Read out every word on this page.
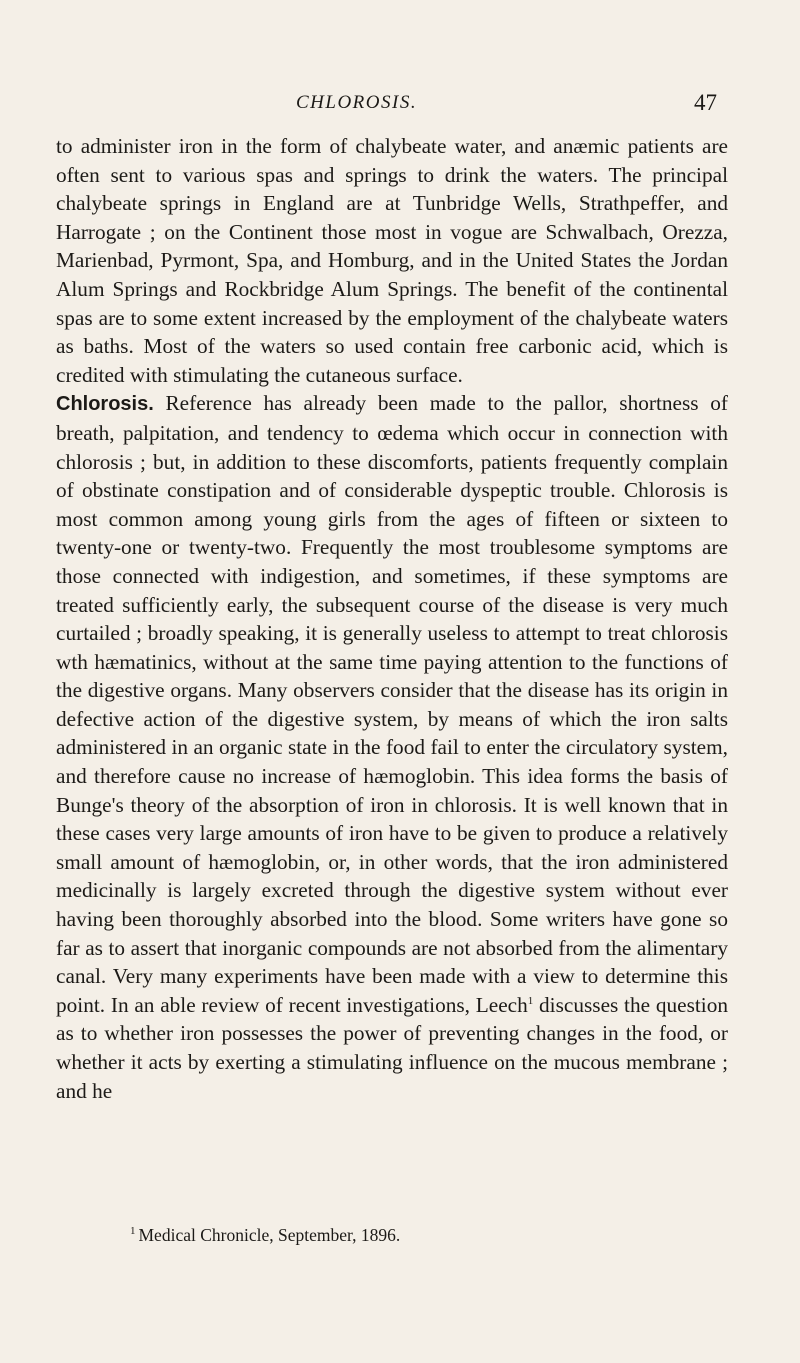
CHLOROSIS.	47

to administer iron in the form of chalybeate water, and anæmic patients are often sent to various spas and springs to drink the waters. The principal chalybeate springs in England are at Tunbridge Wells, Strathpeffer, and Harrogate ; on the Continent those most in vogue are Schwalbach, Orezza, Marienbad, Pyrmont, Spa, and Homburg, and in the United States the Jordan Alum Springs and Rockbridge Alum Springs. The benefit of the continental spas are to some extent increased by the employment of the chalybeate waters as baths. Most of the waters so used contain free carbonic acid, which is credited with stimulating the cutaneous surface.

Chlorosis. Reference has already been made to the pallor, shortness of breath, palpitation, and tendency to œdema which occur in connection with chlorosis ; but, in addition to these discomforts, patients frequently complain of obstinate constipation and of considerable dyspeptic trouble. Chlorosis is most common among young girls from the ages of fifteen or sixteen to twenty-one or twenty-two. Frequently the most troublesome symptoms are those connected with indigestion, and sometimes, if these symptoms are treated sufficiently early, the subsequent course of the disease is very much curtailed ; broadly speaking, it is generally useless to attempt to treat chlorosis wth hæmatinics, without at the same time paying attention to the functions of the digestive organs. Many observers consider that the disease has its origin in defective action of the digestive system, by means of which the iron salts administered in an organic state in the food fail to enter the circulatory system, and therefore cause no increase of hæmoglobin. This idea forms the basis of Bunge's theory of the absorption of iron in chlorosis. It is well known that in these cases very large amounts of iron have to be given to produce a relatively small amount of hæmoglobin, or, in other words, that the iron administered medicinally is largely excreted through the digestive system without ever having been thoroughly absorbed into the blood. Some writers have gone so far as to assert that inorganic compounds are not absorbed from the alimentary canal. Very many experiments have been made with a view to determine this point. In an able review of recent investigations, Leech$^1$ discusses the question as to whether iron possesses the power of preventing changes in the food, or whether it acts by exerting a stimulating influence on the mucous membrane ; and he

$^1$ Medical Chronicle, September, 1896.
